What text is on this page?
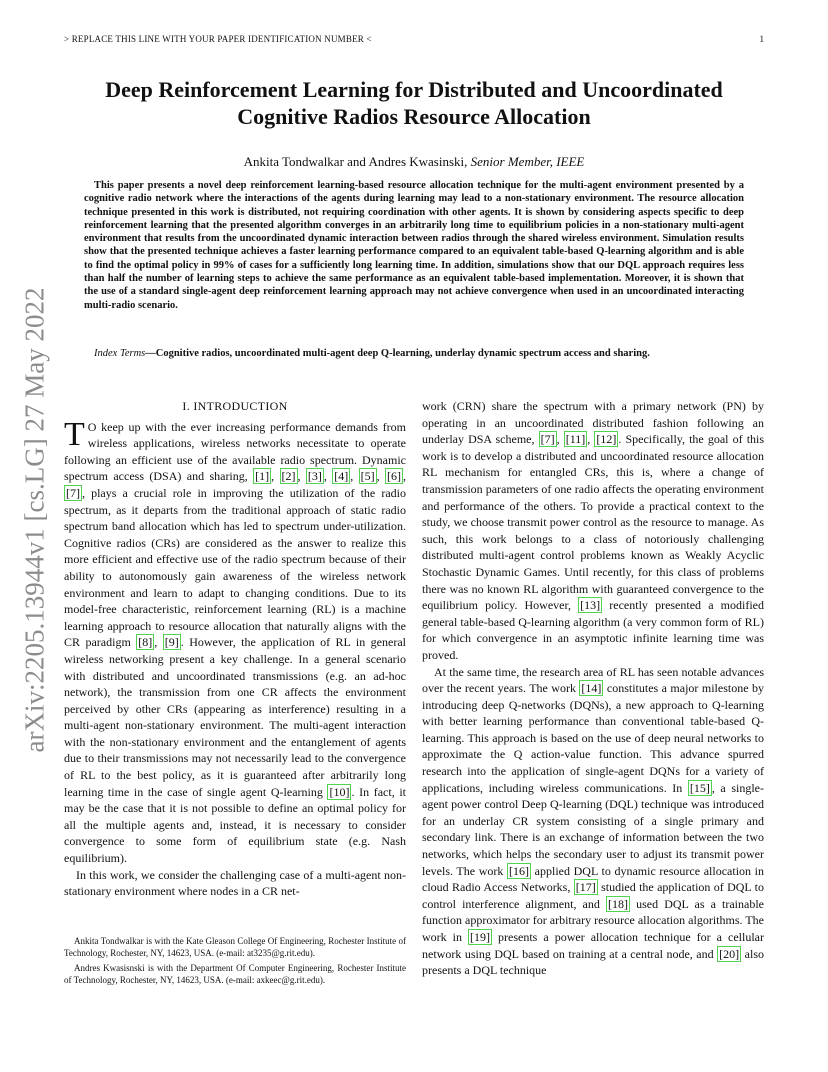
> REPLACE THIS LINE WITH YOUR PAPER IDENTIFICATION NUMBER <	1
arXiv:2205.13944v1 [cs.LG] 27 May 2022
Deep Reinforcement Learning for Distributed and Uncoordinated Cognitive Radios Resource Allocation
Ankita Tondwalkar and Andres Kwasinski, Senior Member, IEEE
This paper presents a novel deep reinforcement learning-based resource allocation technique for the multi-agent environment presented by a cognitive radio network where the interactions of the agents during learning may lead to a non-stationary environment. The resource allocation technique presented in this work is distributed, not requiring coordination with other agents. It is shown by considering aspects specific to deep reinforcement learning that the presented algorithm converges in an arbitrarily long time to equilibrium policies in a non-stationary multi-agent environment that results from the uncoordinated dynamic interaction between radios through the shared wireless environment. Simulation results show that the presented technique achieves a faster learning performance compared to an equivalent table-based Q-learning algorithm and is able to find the optimal policy in 99% of cases for a sufficiently long learning time. In addition, simulations show that our DQL approach requires less than half the number of learning steps to achieve the same performance as an equivalent table-based implementation. Moreover, it is shown that the use of a standard single-agent deep reinforcement learning approach may not achieve convergence when used in an uncoordinated interacting multi-radio scenario.
Index Terms—Cognitive radios, uncoordinated multi-agent deep Q-learning, underlay dynamic spectrum access and sharing.
I. INTRODUCTION

T O keep up with the ever increasing performance demands from wireless applications, wireless networks necessitate to operate following an efficient use of the available radio spectrum. Dynamic spectrum access (DSA) and sharing, [1] , [2] , [3] , [4] , [5] , [6] , [7] , plays a crucial role in improving the utilization of the radio spectrum, as it departs from the traditional approach of static radio spectrum band allocation which has led to spectrum under-utilization. Cognitive radios (CRs) are considered as the answer to realize this more efficient and effective use of the radio spectrum because of their ability to autonomously gain awareness of the wireless network environment and learn to adapt to changing conditions. Due to its model-free characteristic, reinforcement learning (RL) is a machine learning approach to resource allocation that naturally aligns with the CR paradigm [8] , [9] . However, the application of RL in general wireless networking present a key challenge. In a general scenario with distributed and uncoordinated transmissions (e.g. an ad-hoc network), the transmission from one CR affects the environment perceived by other CRs (appearing as interference) resulting in a multi-agent non-stationary environment. The multi-agent interaction with the non-stationary environment and the entanglement of agents due to their transmissions may not necessarily lead to the convergence of RL to the best policy, as it is guaranteed after arbitrarily long learning time in the case of single agent Q-learning [10] . In fact, it may be the case that it is not possible to define an optimal policy for all the multiple agents and, instead, it is necessary to consider convergence to some form of equilibrium state (e.g. Nash equilibrium).

In this work, we consider the challenging case of a multi-agent non-stationary environment where nodes in a CR net-

Ankita Tondwalkar is with the Kate Gleason College Of Engineering, Rochester Institute of Technology, Rochester, NY, 14623, USA. (e-mail: at3235@g.rit.edu).

Andres Kwasisnski is with the Department Of Computer Engineering, Rochester Institute of Technology, Rochester, NY, 14623, USA. (e-mail: axkeec@g.rit.edu).

work (CRN) share the spectrum with a primary network (PN) by operating in an uncoordinated distributed fashion following an underlay DSA scheme, [7] , [11] , [12] . Specifically, the goal of this work is to develop a distributed and uncoordinated resource allocation RL mechanism for entangled CRs, this is, where a change of transmission parameters of one radio affects the operating environment and performance of the others. To provide a practical context to the study, we choose transmit power control as the resource to manage. As such, this work belongs to a class of notoriously challenging distributed multi-agent control problems known as Weakly Acyclic Stochastic Dynamic Games. Until recently, for this class of problems there was no known RL algorithm with guaranteed convergence to the equilibrium policy. However, [13] recently presented a modified general table-based Q-learning algorithm (a very common form of RL) for which convergence in an asymptotic infinite learning time was proved.

At the same time, the research area of RL has seen notable advances over the recent years. The work [14] constitutes a major milestone by introducing deep Q-networks (DQNs), a new approach to Q-learning with better learning performance than conventional table-based Q-learning. This approach is based on the use of deep neural networks to approximate the Q action-value function. This advance spurred research into the application of single-agent DQNs for a variety of applications, including wireless communications. In [15] , a single-agent power control Deep Q-learning (DQL) technique was introduced for an underlay CR system consisting of a single primary and secondary link. There is an exchange of information between the two networks, which helps the secondary user to adjust its transmit power levels. The work [16] applied DQL to dynamic resource allocation in cloud Radio Access Networks, [17] studied the application of DQL to control interference alignment, and [18] used DQL as a trainable function approximator for arbitrary resource allocation algorithms. The work in [19] presents a power allocation technique for a cellular network using DQL based on training at a central node, and [20] also presents a DQL technique
